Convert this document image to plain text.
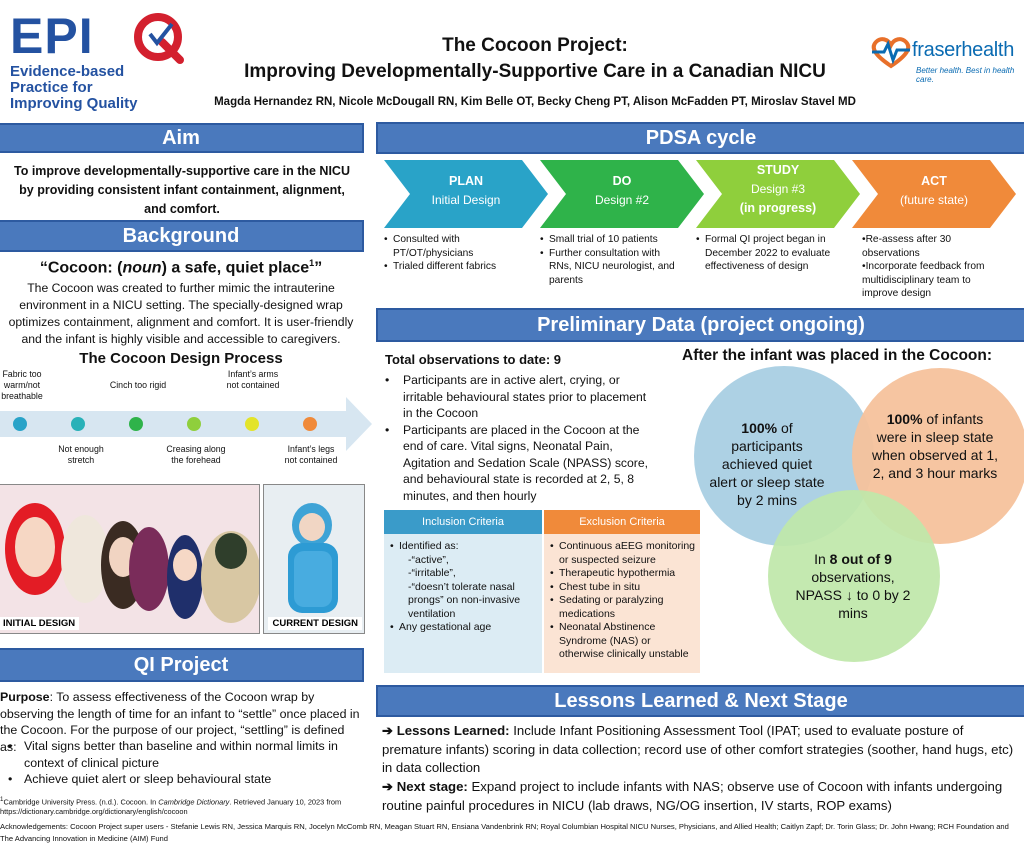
EPI
Evidence-based
Practice for
Improving Quality
The Cocoon Project:
Improving Developmentally-Supportive Care in a Canadian NICU
Magda Hernandez RN, Nicole McDougall RN, Kim Belle OT, Becky Cheng PT, Alison McFadden PT, Miroslav Stavel MD
fraserhealth
Better health. Best in health care.
Aim
To improve developmentally-supportive care in the NICU by providing consistent infant containment, alignment, and comfort.
Background
“Cocoon: (noun) a safe, quiet place$^1$”
The Cocoon was created to further mimic the intrauterine environment in a NICU setting. The specially-designed wrap optimizes containment, alignment and comfort. It is user-friendly and the infant is highly visible and accessible to caregivers.
The Cocoon Design Process
Fabric too warm/not breathable
Cinch too rigid
Infant’s arms not contained
Not enough stretch
Creasing along the forehead
Infant’s legs not contained
INITIAL DESIGN	CURRENT DESIGN
QI Project
Purpose: To assess effectiveness of the Cocoon wrap by observing the length of time for an infant to “settle” once placed in the Cocoon. For the purpose of our project, “settling” is defined as:
• Vital signs better than baseline and within normal limits in context of clinical picture
• Achieve quiet alert or sleep behavioural state
$^1$Cambridge University Press. (n.d.). Cocoon. In Cambridge Dictionary. Retrieved January 10, 2023 from https://dictionary.cambridge.org/dictionary/english/cocoon
Acknowledgements: Cocoon Project super users - Stefanie Lewis RN, Jessica Marquis RN, Jocelyn McComb RN, Meagan Stuart RN, Ensiana Vandenbrink RN; Royal Columbian Hospital NICU Nurses, Physicians, and Allied Health; Caitlyn Zapf; Dr. Torin Glass; Dr. John Hwang; RCH Foundation and The Advancing Innovation in Medicine (AIM) Fund
PDSA cycle
PLAN
Initial Design
DO
Design #2
STUDY
Design #3
(in progress)
ACT
(future state)
• Consulted with PT/OT/physicians
• Trialed different fabrics
• Small trial of 10 patients
• Further consultation with RNs, NICU neurologist, and parents
• Formal QI project began in December 2022 to evaluate effectiveness of design
•Re-assess after 30 observations
•Incorporate feedback from multidisciplinary team to improve design
Preliminary Data (project ongoing)
Total observations to date: 9
• Participants are in active alert, crying, or irritable behavioural states prior to placement in the Cocoon
• Participants are placed in the Cocoon at the end of care. Vital signs, Neonatal Pain, Agitation and Sedation Scale (NPASS) score, and behavioural state is recorded at 2, 5, 8 minutes, and then hourly
Inclusion Criteria
• Identified as:
-“active”,
-“irritable”,
-“doesn’t tolerate nasal prongs” on non-invasive ventilation
• Any gestational age
Exclusion Criteria
• Continuous aEEG monitoring or suspected seizure
• Therapeutic hypothermia
• Chest tube in situ
• Sedating or paralyzing medications
• Neonatal Abstinence Syndrome (NAS) or otherwise clinically unstable
After the infant was placed in the Cocoon:
100% of participants achieved quiet alert or sleep state by 2 mins
100% of infants were in sleep state when observed at 1, 2, and 3 hour marks
In 8 out of 9 observations, NPASS ↓ to 0 by 2 mins
Lessons Learned & Next Stage
➔ Lessons Learned: Include Infant Positioning Assessment Tool (IPAT; used to evaluate posture of premature infants) scoring in data collection; record use of other comfort strategies (soother, hand hugs, etc) in data collection
➔ Next stage: Expand project to include infants with NAS; observe use of Cocoon with infants undergoing routine painful procedures in NICU (lab draws, NG/OG insertion, IV starts, ROP exams)
